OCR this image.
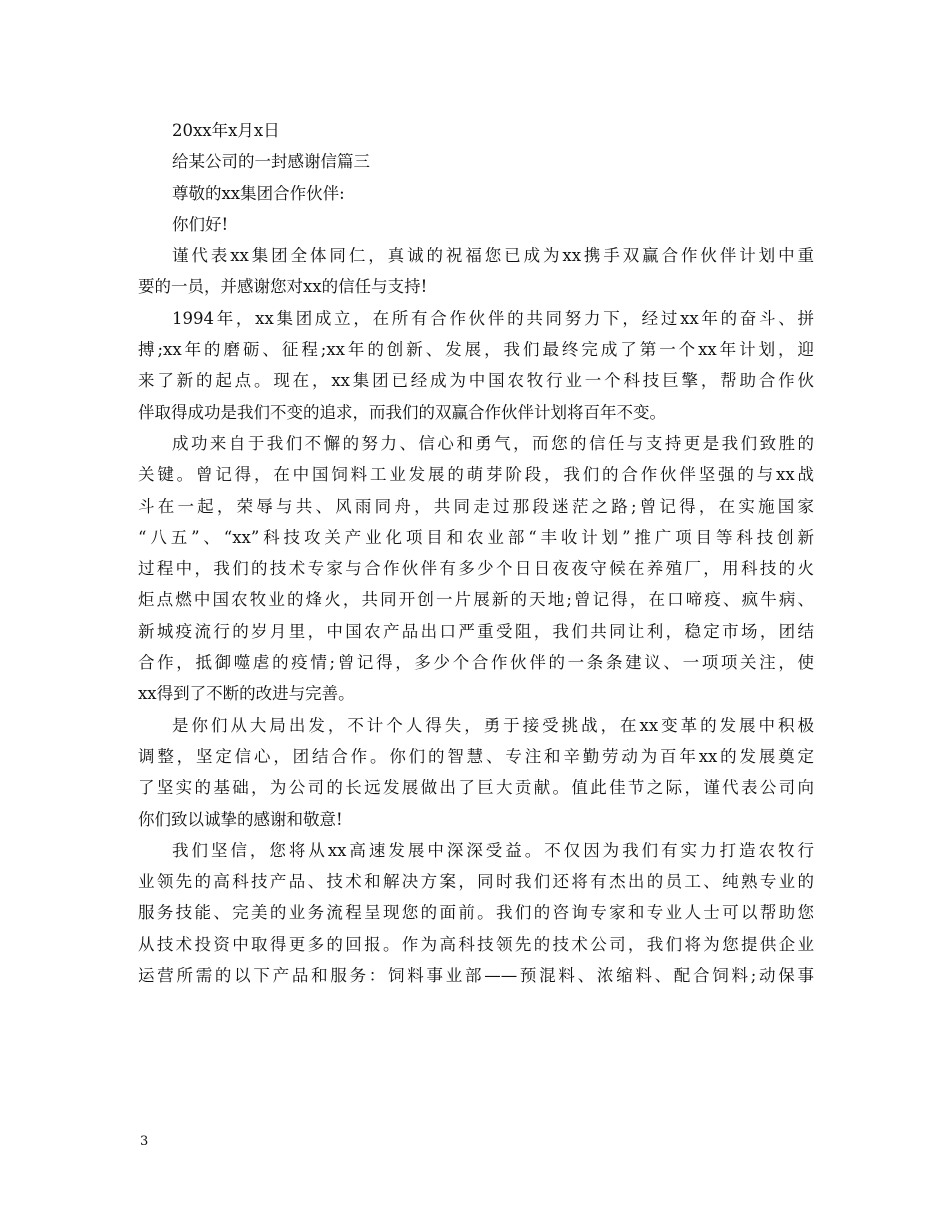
20xx年x月x日

给某公司的一封感谢信篇三

尊敬的xx集团合作伙伴:

你们好!

谨代表xx集团全体同仁，真诚的祝福您已成为xx携手双赢合作伙伴计划中重
要的一员，并感谢您对xx的信任与支持!
1994年，xx集团成立，在所有合作伙伴的共同努力下，经过xx年的奋斗、拼
搏;xx年的磨砺、征程;xx年的创新、发展，我们最终完成了第一个xx年计划，迎
来了新的起点。现在，xx集团已经成为中国农牧行业一个科技巨擎，帮助合作伙
伴取得成功是我们不变的追求，而我们的双赢合作伙伴计划将百年不变。
成功来自于我们不懈的努力、信心和勇气，而您的信任与支持更是我们致胜的
关键。曾记得，在中国饲料工业发展的萌芽阶段，我们的合作伙伴坚强的与xx战
斗在一起，荣辱与共、风雨同舟，共同走过那段迷茫之路;曾记得，在实施国家
“八五”、“xx”科技攻关产业化项目和农业部“丰收计划”推广项目等科技创新
过程中，我们的技术专家与合作伙伴有多少个日日夜夜守候在养殖厂，用科技的火
炬点燃中国农牧业的烽火，共同开创一片展新的天地;曾记得，在口啼疫、疯牛病、
新城疫流行的岁月里，中国农产品出口严重受阻，我们共同让利，稳定市场，团结
合作，抵御噬虐的疫情;曾记得，多少个合作伙伴的一条条建议、一项项关注，使
xx得到了不断的改进与完善。
是你们从大局出发，不计个人得失，勇于接受挑战，在xx变革的发展中积极
调整，坚定信心，团结合作。你们的智慧、专注和辛勤劳动为百年xx的发展奠定
了坚实的基础，为公司的长远发展做出了巨大贡献。值此佳节之际，谨代表公司向
你们致以诚挚的感谢和敬意!
我们坚信，您将从xx高速发展中深深受益。不仅因为我们有实力打造农牧行
业领先的高科技产品、技术和解决方案，同时我们还将有杰出的员工、纯熟专业的
服务技能、完美的业务流程呈现您的面前。我们的咨询专家和专业人士可以帮助您
从技术投资中取得更多的回报。作为高科技领先的技术公司，我们将为您提供企业
运营所需的以下产品和服务：饲料事业部——预混料、浓缩料、配合饲料;动保事
3
